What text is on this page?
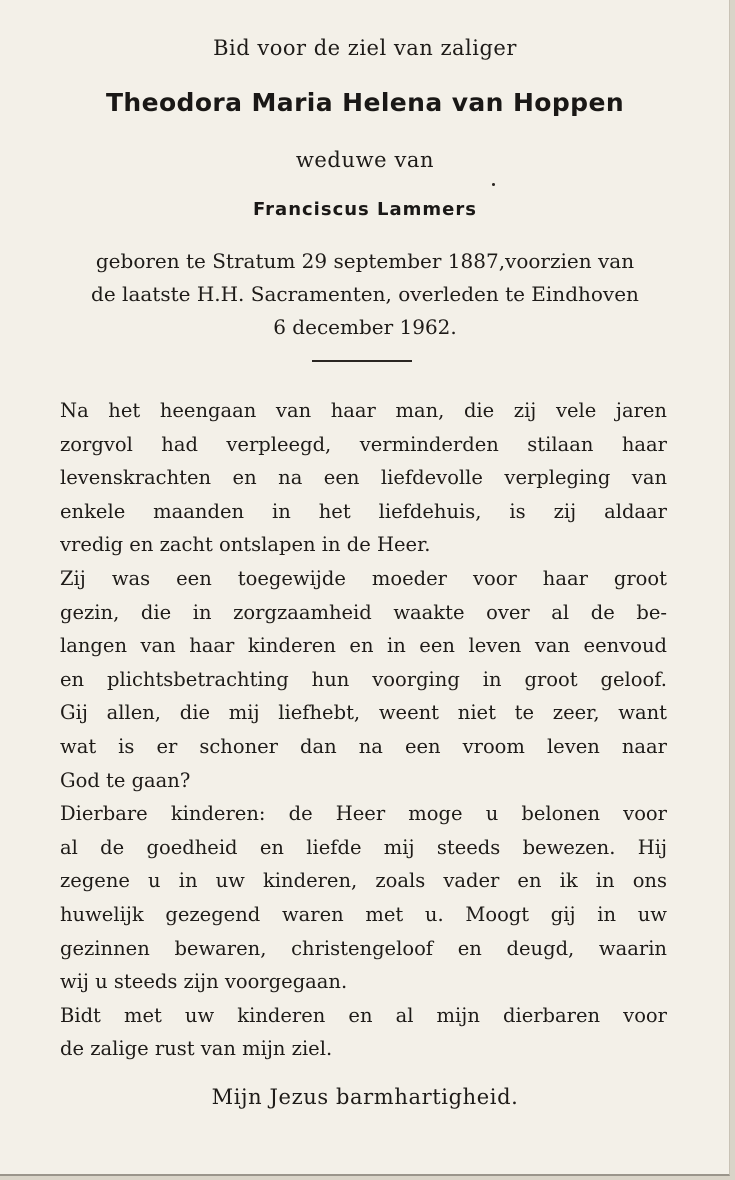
Bid voor de ziel van zaliger
Theodora Maria Helena van Hoppen
weduwe van
Franciscus Lammers
geboren te Stratum 29 september 1887,voorzien van
de laatste H.H. Sacramenten, overleden te Eindhoven
6 december 1962.
Na het heengaan van haar man, die zij vele jaren
zorgvol had verpleegd, verminderden stilaan haar
levenskrachten en na een liefdevolle verpleging van
enkele maanden in het liefdehuis, is zij aldaar
vredig en zacht ontslapen in de Heer.
Zij was een toegewijde moeder voor haar groot
gezin, die in zorgzaamheid waakte over al de be-
langen van haar kinderen en in een leven van eenvoud
en plichtsbetrachting hun voorging in groot geloof.
Gij allen, die mij liefhebt, weent niet te zeer, want
wat is er schoner dan na een vroom leven naar
God te gaan?
Dierbare kinderen: de Heer moge u belonen voor
al de goedheid en liefde mij steeds bewezen. Hij
zegene u in uw kinderen, zoals vader en ik in ons
huwelijk gezegend waren met u. Moogt gij in uw
gezinnen bewaren, christengeloof en deugd, waarin
wij u steeds zijn voorgegaan.
Bidt met uw kinderen en al mijn dierbaren voor
de zalige rust van mijn ziel.
Mijn Jezus barmhartigheid.
